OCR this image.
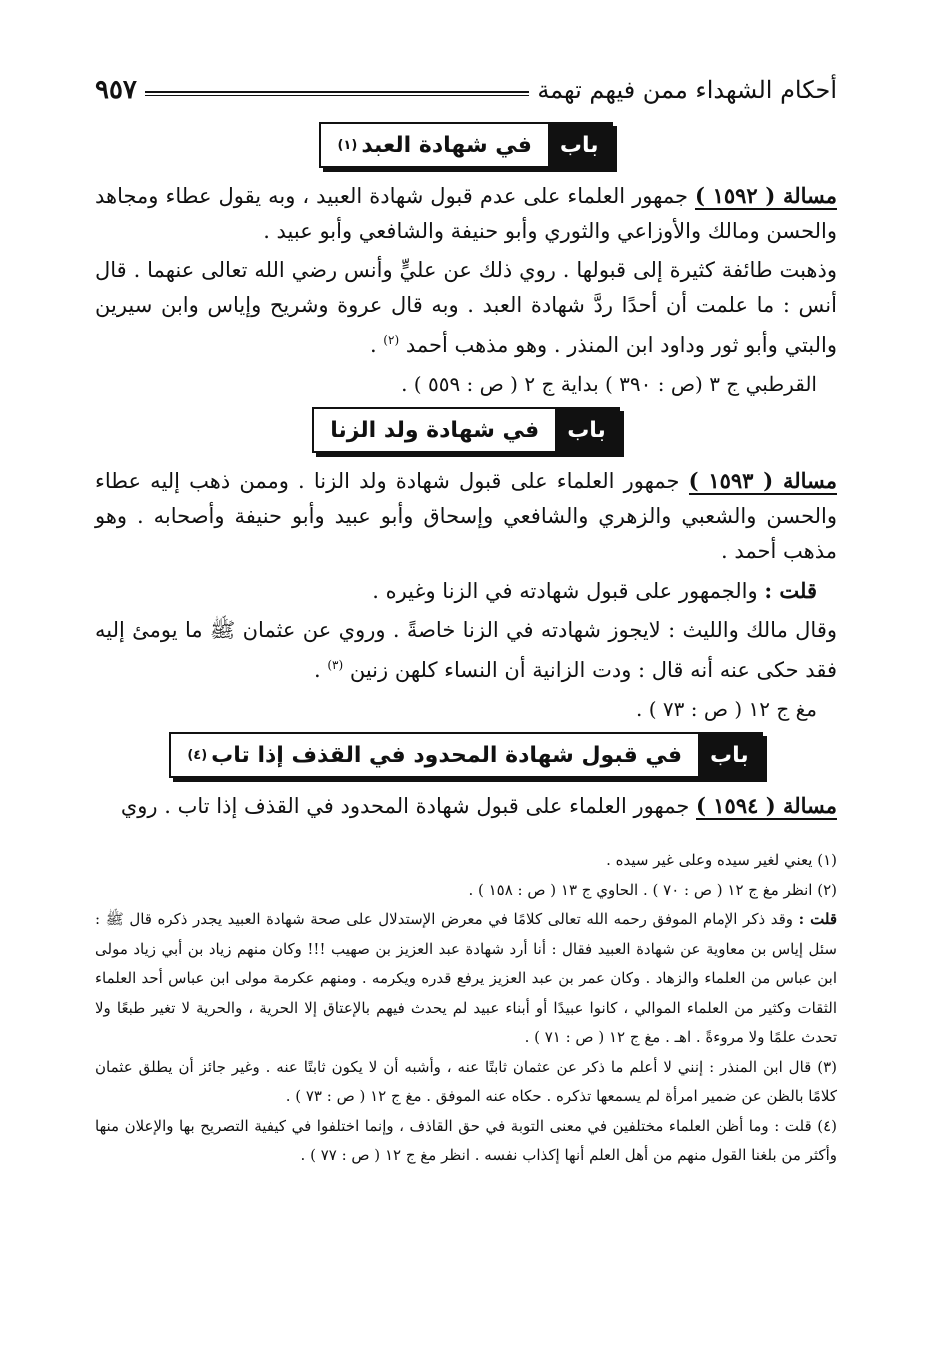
أحكام الشهداء ممن فيهم تهمة
٩٥٧
باب
في شهادة العبد
(١)

مسالة ( ١٥٩٢ ) جمهور العلماء على عدم قبول شهادة العبيد ، وبه يقول عطاء ومجاهد والحسن ومالك والأوزاعي والثوري وأبو حنيفة والشافعي وأبو عبيد .

وذهبت طائفة كثيرة إلى قبولها . روي ذلك عن عليٍّ وأنس رضي الله تعالى عنهما . قال أنس : ما علمت أن أحدًا ردَّ شهادة العبد . وبه قال عروة وشريح وإياس وابن سيرين والبتي وأبو ثور وداود ابن المنذر . وهو مذهب أحمد $^{(٢)}$ .

القرطبي ج ٣ (ص : ٣٩٠ ) بداية ج ٢ ( ص : ٥٥٩ ) .

باب
في شهادة ولد الزنا

مسالة ( ١٥٩٣ ) جمهور العلماء على قبول شهادة ولد الزنا . وممن ذهب إليه عطاء والحسن والشعبي والزهري والشافعي وإسحاق وأبو عبيد وأبو حنيفة وأصحابه . وهو مذهب أحمد .

قلت : والجمهور على قبول شهادته في الزنا وغيره .

وقال مالك والليث : لايجوز شهادته في الزنا خاصةً . وروي عن عثمان ﷺ ما يومئ إليه فقد حكى عنه أنه قال : ودت الزانية أن النساء كلهن زنين $^{(٣)}$ .

مغ ج ١٢ ( ص : ٧٣ ) .

باب
في قبول شهادة المحدود في القذف إذا تاب
(٤)

مسالة ( ١٥٩٤ ) جمهور العلماء على قبول شهادة المحدود في القذف إذا تاب . روي

(١) يعني لغير سيده وعلى غير سيده .

(٢) انظر مغ ج ١٢ ( ص : ٧٠ ) . الحاوي ج ١٣ ( ص : ١٥٨ ) .

قلت : وقد ذكر الإمام الموفق رحمه الله تعالى كلامًا في معرض الإستدلال على صحة شهادة العبيد يجدر ذكره قال ﷺ : سئل إياس بن معاوية عن شهادة العبيد فقال : أنا أرد شهادة عبد العزيز بن صهيب !!! وكان منهم زياد بن أبي زياد مولى ابن عباس من العلماء والزهاد . وكان عمر بن عبد العزيز يرفع قدره ويكرمه . ومنهم عكرمة مولى ابن عباس أحد العلماء الثقات وكثير من العلماء الموالي ، كانوا عبيدًا أو أبناء عبيد لم يحدث فيهم بالإعتاق إلا الحرية ، والحرية لا تغير طبعًا ولا تحدث علمًا ولا مروءةً . اهـ . مغ ج ١٢ ( ص : ٧١ ) .

(٣) قال ابن المنذر : إنني لا أعلم ما ذكر عن عثمان ثابتًا عنه ، وأشبه أن لا يكون ثابتًا عنه . وغير جائز أن يطلق عثمان كلامًا بالظن عن ضمير امرأة لم يسمعها تذكره . حكاه عنه الموفق . مغ ج ١٢ ( ص : ٧٣ ) .

(٤) قلت : وما أظن العلماء مختلفين في معنى التوبة في حق القاذف ، وإنما اختلفوا في كيفية التصريح بها والإعلان منها وأكثر من بلغنا القول منهم من أهل العلم أنها إكذاب نفسه . انظر مغ ج ١٢ ( ص : ٧٧ ) .
